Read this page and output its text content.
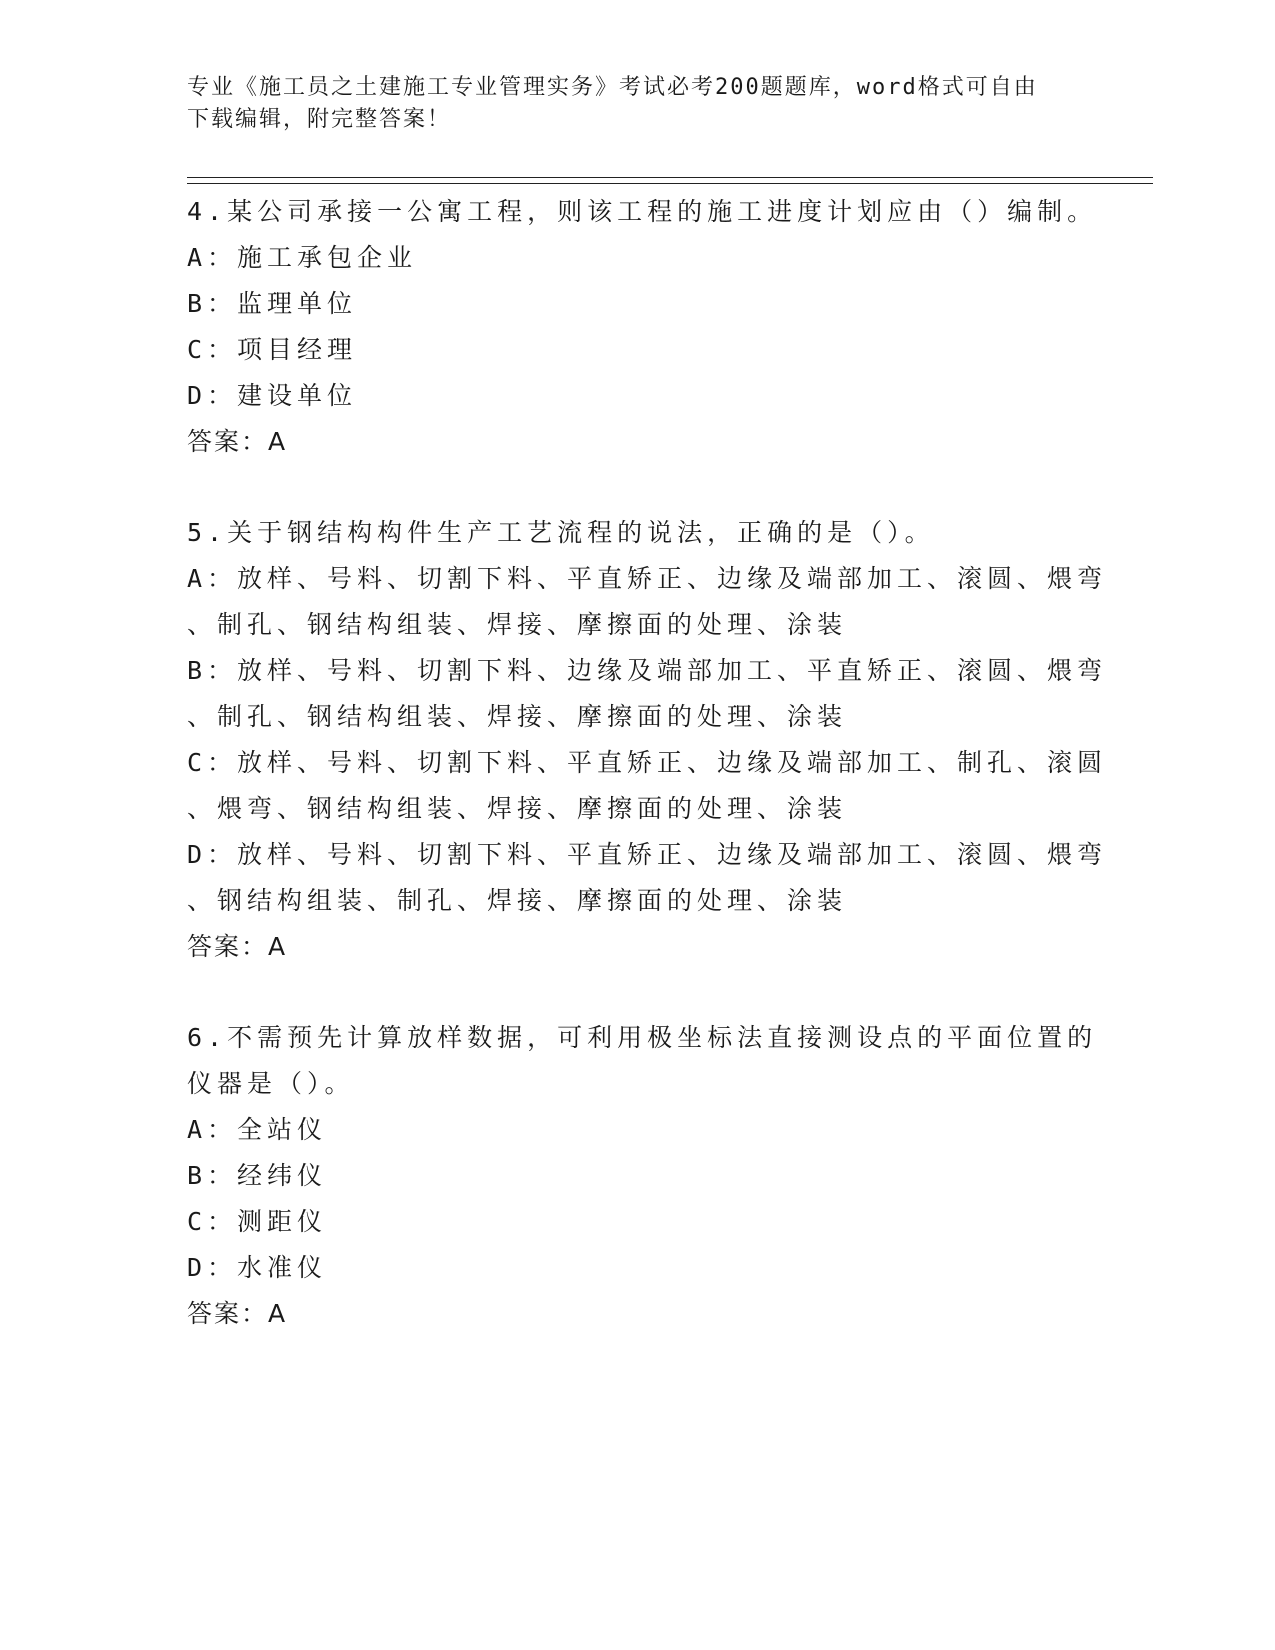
专业《施工员之土建施工专业管理实务》考试必考200题题库，word格式可自由
下载编辑，附完整答案！
4.某公司承接一公寓工程，则该工程的施工进度计划应由（）编制。
A：施工承包企业
B：监理单位
C：项目经理
D：建设单位
答案：A
5.关于钢结构构件生产工艺流程的说法，正确的是（）。
A：放样、号料、切割下料、平直矫正、边缘及端部加工、滚圆、煨弯
、制孔、钢结构组装、焊接、摩擦面的处理、涂装
B：放样、号料、切割下料、边缘及端部加工、平直矫正、滚圆、煨弯
、制孔、钢结构组装、焊接、摩擦面的处理、涂装
C：放样、号料、切割下料、平直矫正、边缘及端部加工、制孔、滚圆
、煨弯、钢结构组装、焊接、摩擦面的处理、涂装
D：放样、号料、切割下料、平直矫正、边缘及端部加工、滚圆、煨弯
、钢结构组装、制孔、焊接、摩擦面的处理、涂装
答案：A
6.不需预先计算放样数据，可利用极坐标法直接测设点的平面位置的
仪器是（）。
A：全站仪
B：经纬仪
C：测距仪
D：水准仪
答案：A
